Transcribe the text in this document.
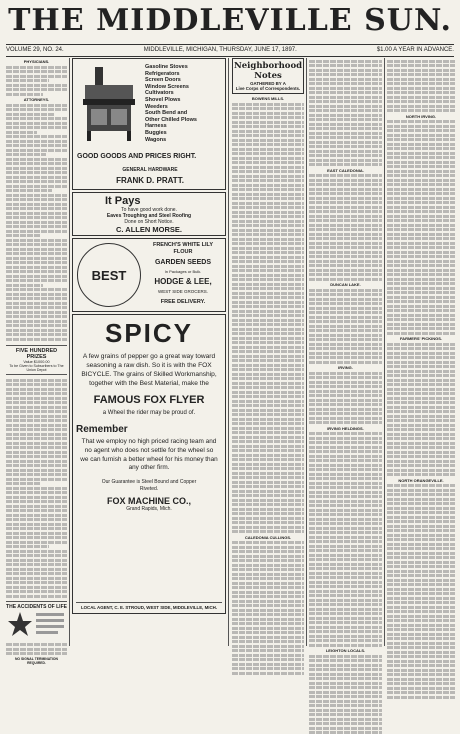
THE MIDDLEVILLE SUN.
VOLUME 29, NO. 24.	MIDDLEVILLE, MICHIGAN, THURSDAY, JUNE 17, 1897.	$1.00 A YEAR IN ADVANCE.
PHYSICIANS.
ATTORNEYS.
FIVE HUNDRED PRIZES
Value $1000.00
To be Given to Subscribers to The Union Depot
THE ACCIDENTS OF LIFE
NO SIGNAL TERMINATION REQUIRED.
Gasoline Stoves
Refrigerators
Screen Doors
Window Screens
Cultivators
Shovel Plows
Weeders
South Bend and
Other Chilled Plows
Harness
Buggies
Wagons
GOOD GOODS AND PRICES RIGHT.
GENERAL HARDWARE
FRANK D. PRATT.
It Pays
To have good work done.
Eaves Troughing and Steel Roofing
Done on Short Notice.
C. ALLEN MORSE.
BEST
FRENCH'S WHITE LILY FLOUR
GARDEN SEEDS
In Packages or Bulk.
HODGE & LEE,
WEST SIDE GROCERS.
FREE DELIVERY.
SPICY
A few grains of pepper go a great way toward seasoning a raw dish. So it is with the FOX BICYCLE. The grains of Skilled Workmanship, together with the Best Material, make the
FAMOUS FOX FLYER
a Wheel the rider may be proud of.
Remember
That we employ no high priced racing team and no agent who does not settle for the wheel so we can furnish a better wheel for his money than any other firm.
Our Guarantee is Steel Bound and Copper Riveted.
FOX MACHINE CO.,
Grand Rapids, Mich.
LOCAL AGENT, C. E. STROUD, WEST SIDE, MIDDLEVILLE, MICH.
Neighborhood Notes
GATHERED BY A
Live Corps of Correspondents.
BOWENS MILLS.
CALEDONIA CULLINGS.
EAST CALEDONIA.
DUNCAN LAKE.
IRVING.
IRVING HELDINGS.
LEIGHTON LOCALS.
NORTH IRVING.
FARMERS' PICKINGS.
NORTH ORANGEVILLE.
